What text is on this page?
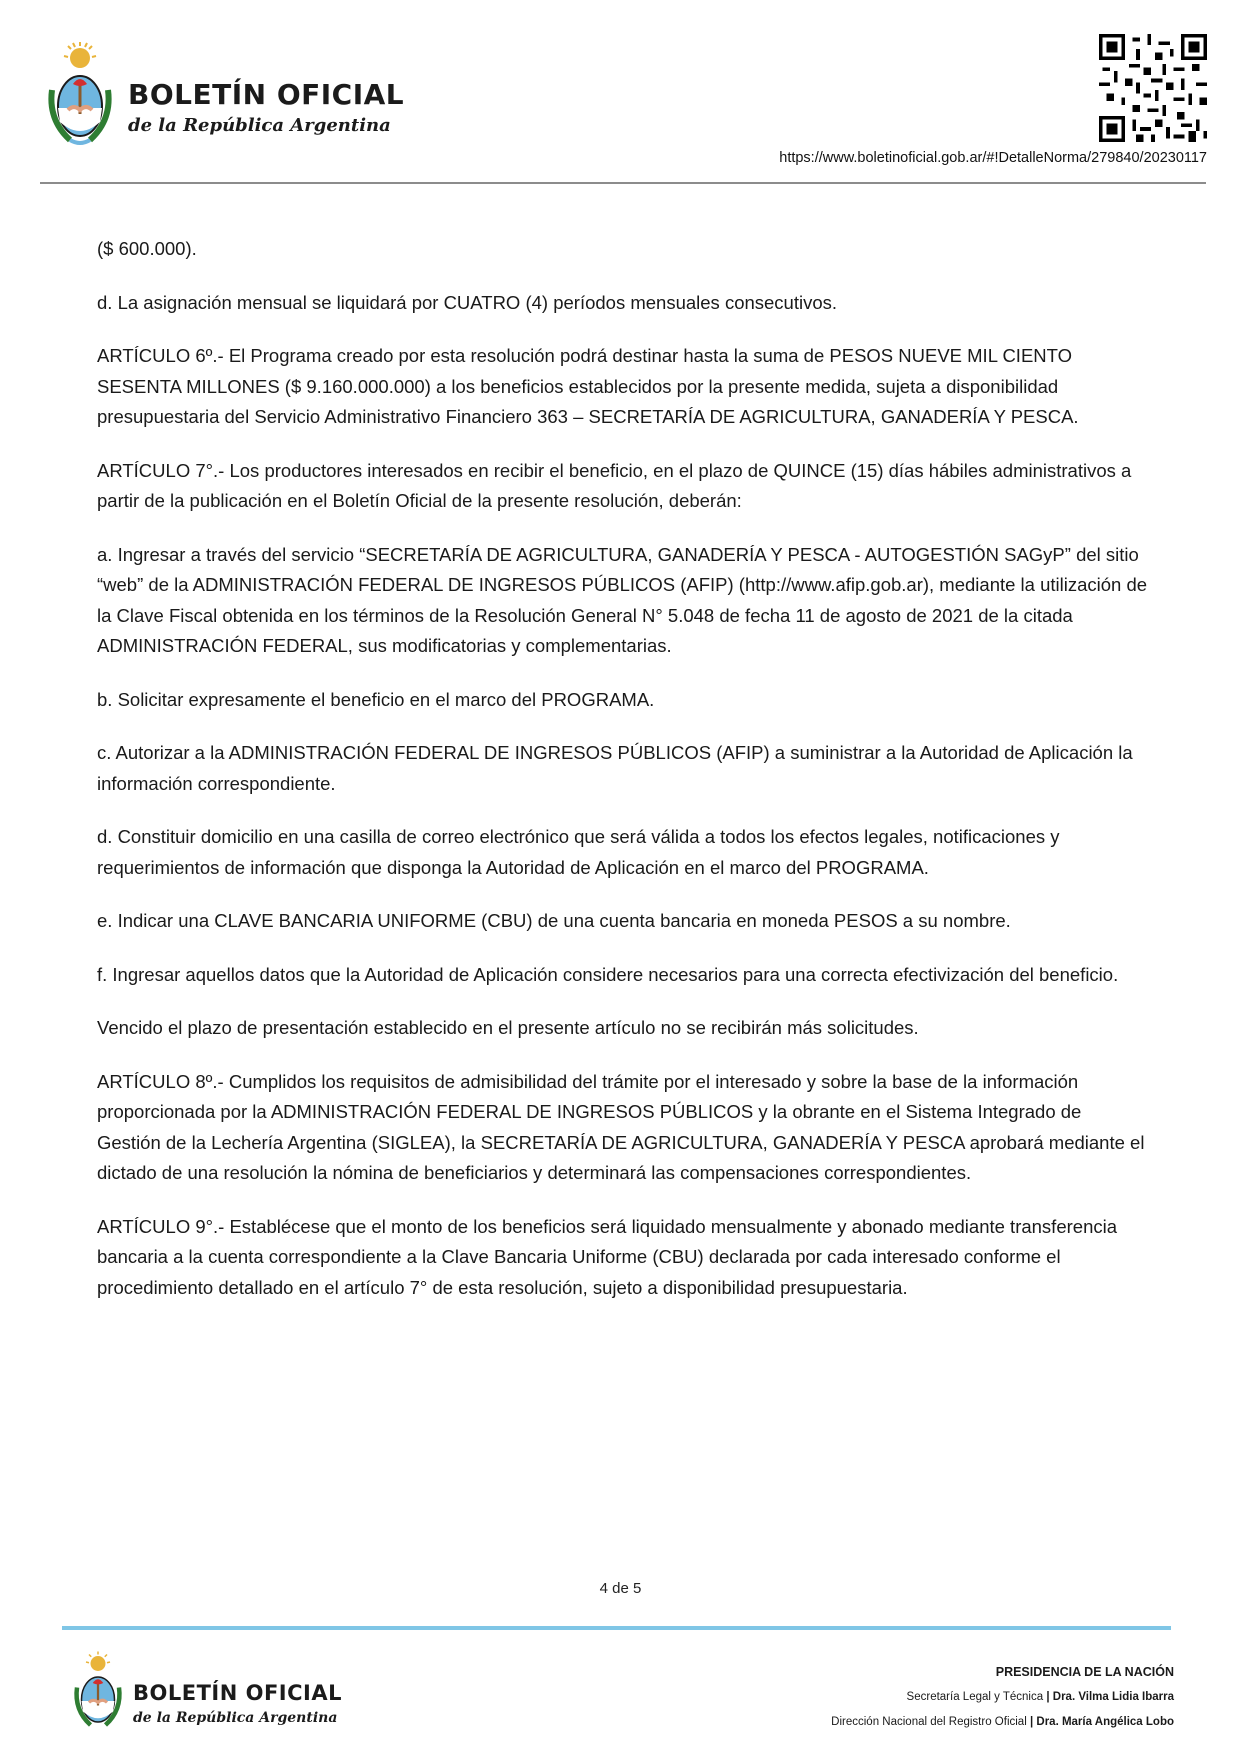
BOLETÍN OFICIAL
de la República Argentina
https://www.boletinoficial.gob.ar/#!DetalleNorma/279840/20230117

($ 600.000).

d. La asignación mensual se liquidará por CUATRO (4) períodos mensuales consecutivos.

ARTÍCULO 6º.- El Programa creado por esta resolución podrá destinar hasta la suma de PESOS NUEVE MIL CIENTO SESENTA MILLONES ($ 9.160.000.000) a los beneficios establecidos por la presente medida, sujeta a disponibilidad presupuestaria del Servicio Administrativo Financiero 363 – SECRETARÍA DE AGRICULTURA, GANADERÍA Y PESCA.

ARTÍCULO 7°.- Los productores interesados en recibir el beneficio, en el plazo de QUINCE (15) días hábiles administrativos a partir de la publicación en el Boletín Oficial de la presente resolución, deberán:

a. Ingresar a través del servicio “SECRETARÍA DE AGRICULTURA, GANADERÍA Y PESCA - AUTOGESTIÓN SAGyP” del sitio “web” de la ADMINISTRACIÓN FEDERAL DE INGRESOS PÚBLICOS (AFIP) (http://www.afip.gob.ar), mediante la utilización de la Clave Fiscal obtenida en los términos de la Resolución General N° 5.048 de fecha 11 de agosto de 2021 de la citada ADMINISTRACIÓN FEDERAL, sus modificatorias y complementarias.

b. Solicitar expresamente el beneficio en el marco del PROGRAMA.

c. Autorizar a la ADMINISTRACIÓN FEDERAL DE INGRESOS PÚBLICOS (AFIP) a suministrar a la Autoridad de Aplicación la información correspondiente.

d. Constituir domicilio en una casilla de correo electrónico que será válida a todos los efectos legales, notificaciones y requerimientos de información que disponga la Autoridad de Aplicación en el marco del PROGRAMA.

e. Indicar una CLAVE BANCARIA UNIFORME (CBU) de una cuenta bancaria en moneda PESOS a su nombre.

f. Ingresar aquellos datos que la Autoridad de Aplicación considere necesarios para una correcta efectivización del beneficio.

Vencido el plazo de presentación establecido en el presente artículo no se recibirán más solicitudes.

ARTÍCULO 8º.- Cumplidos los requisitos de admisibilidad del trámite por el interesado y sobre la base de la información proporcionada por la ADMINISTRACIÓN FEDERAL DE INGRESOS PÚBLICOS y la obrante en el Sistema Integrado de Gestión de la Lechería Argentina (SIGLEA), la SECRETARÍA DE AGRICULTURA, GANADERÍA Y PESCA aprobará mediante el dictado de una resolución la nómina de beneficiarios y determinará las compensaciones correspondientes.

ARTÍCULO 9°.- Establécese que el monto de los beneficios será liquidado mensualmente y abonado mediante transferencia bancaria a la cuenta correspondiente a la Clave Bancaria Uniforme (CBU) declarada por cada interesado conforme el procedimiento detallado en el artículo 7° de esta resolución, sujeto a disponibilidad presupuestaria.

4 de 5
BOLETÍN OFICIAL
de la República Argentina
PRESIDENCIA DE LA NACIÓN
Secretaría Legal y Técnica | Dra. Vilma Lidia Ibarra
Dirección Nacional del Registro Oficial | Dra. María Angélica Lobo
